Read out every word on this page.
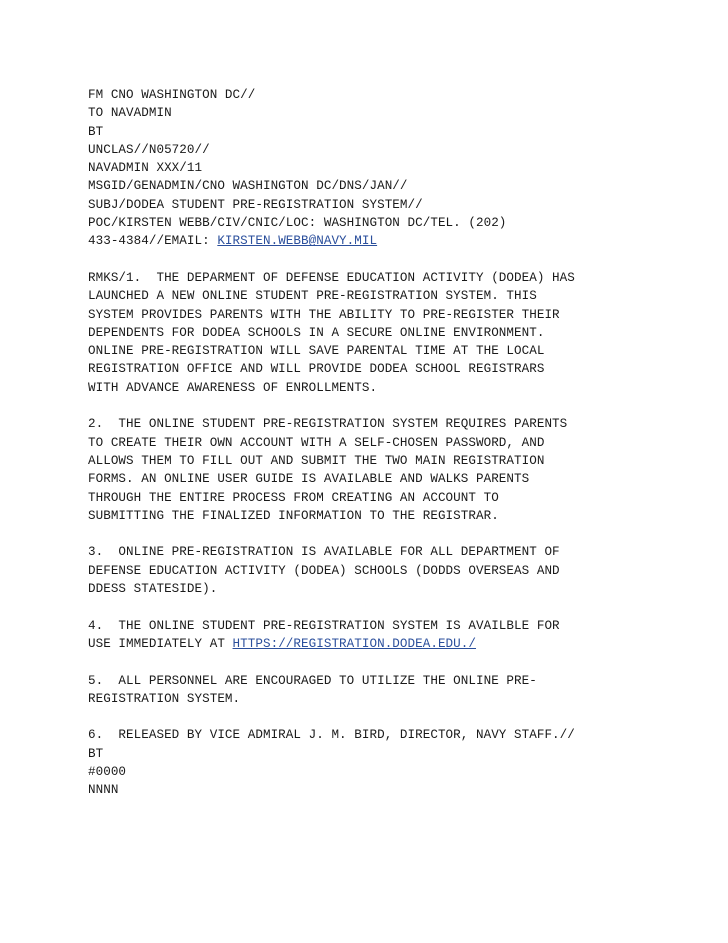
FM CNO WASHINGTON DC//
TO NAVADMIN
BT
UNCLAS//N05720//
NAVADMIN XXX/11
MSGID/GENADMIN/CNO WASHINGTON DC/DNS/JAN//
SUBJ/DODEA STUDENT PRE-REGISTRATION SYSTEM//
POC/KIRSTEN WEBB/CIV/CNIC/LOC: WASHINGTON DC/TEL. (202)
433-4384//EMAIL: KIRSTEN.WEBB@NAVY.MIL
RMKS/1.  THE DEPARMENT OF DEFENSE EDUCATION ACTIVITY (DODEA) HAS
LAUNCHED A NEW ONLINE STUDENT PRE-REGISTRATION SYSTEM. THIS
SYSTEM PROVIDES PARENTS WITH THE ABILITY TO PRE-REGISTER THEIR
DEPENDENTS FOR DODEA SCHOOLS IN A SECURE ONLINE ENVIRONMENT.
ONLINE PRE-REGISTRATION WILL SAVE PARENTAL TIME AT THE LOCAL
REGISTRATION OFFICE AND WILL PROVIDE DODEA SCHOOL REGISTRARS
WITH ADVANCE AWARENESS OF ENROLLMENTS.
2.  THE ONLINE STUDENT PRE-REGISTRATION SYSTEM REQUIRES PARENTS
TO CREATE THEIR OWN ACCOUNT WITH A SELF-CHOSEN PASSWORD, AND
ALLOWS THEM TO FILL OUT AND SUBMIT THE TWO MAIN REGISTRATION
FORMS. AN ONLINE USER GUIDE IS AVAILABLE AND WALKS PARENTS
THROUGH THE ENTIRE PROCESS FROM CREATING AN ACCOUNT TO
SUBMITTING THE FINALIZED INFORMATION TO THE REGISTRAR.
3.  ONLINE PRE-REGISTRATION IS AVAILABLE FOR ALL DEPARTMENT OF
DEFENSE EDUCATION ACTIVITY (DODEA) SCHOOLS (DODDS OVERSEAS AND
DDESS STATESIDE).
4.  THE ONLINE STUDENT PRE-REGISTRATION SYSTEM IS AVAILBLE FOR
USE IMMEDIATELY AT HTTPS://REGISTRATION.DODEA.EDU./
5.  ALL PERSONNEL ARE ENCOURAGED TO UTILIZE THE ONLINE PRE-
REGISTRATION SYSTEM.
6.  RELEASED BY VICE ADMIRAL J. M. BIRD, DIRECTOR, NAVY STAFF.//
BT
#0000
NNNN
